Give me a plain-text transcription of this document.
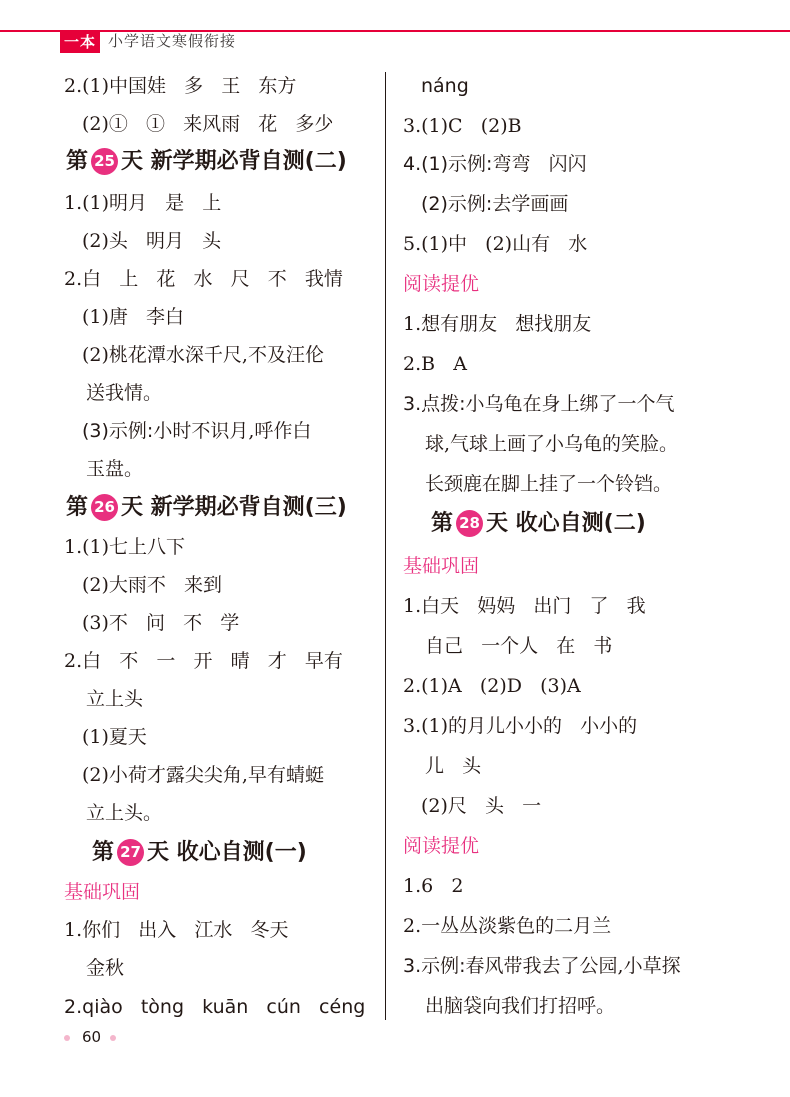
一本 小学语文寒假衔接
2.(1)中国娃   多   王   东方
(2)①   ①   来风雨   花   多少
第 25 天 新学期必背自测(二)
1.(1)明月   是   上
(2)头   明月   头
2.白   上   花   水   尺   不   我情
(1)唐   李白
(2)桃花潭水深千尺,不及汪伦
送我情。
(3)示例:小时不识月,呼作白
玉盘。
第 26 天 新学期必背自测(三)
1.(1)七上八下
(2)大雨不   来到
(3)不   问   不   学
2.白   不   一   开   晴   才   早有
立上头
(1)夏天
(2)小荷才露尖尖角,早有蜻蜓
立上头。
第 27 天 收心自测(一)
基础巩固
1.你们   出入   江水   冬天
金秋
2.qiào   tòng   kuān   cún   céng
náng
3.(1)C   (2)B
4.(1)示例:弯弯   闪闪
(2)示例:去学画画
5.(1)中   (2)山有   水
阅读提优
1.想有朋友   想找朋友
2.B   A
3.点拨:小乌龟在身上绑了一个气
球,气球上画了小乌龟的笑脸。
长颈鹿在脚上挂了一个铃铛。
第 28 天 收心自测(二)
基础巩固
1.白天   妈妈   出门   了   我
自己   一个人   在   书
2.(1)A   (2)D   (3)A
3.(1)的月儿小小的   小小的
儿   头
(2)尺   头   一
阅读提优
1.6   2
2.一丛丛淡紫色的二月兰
3.示例:春风带我去了公园,小草探
出脑袋向我们打招呼。
60
